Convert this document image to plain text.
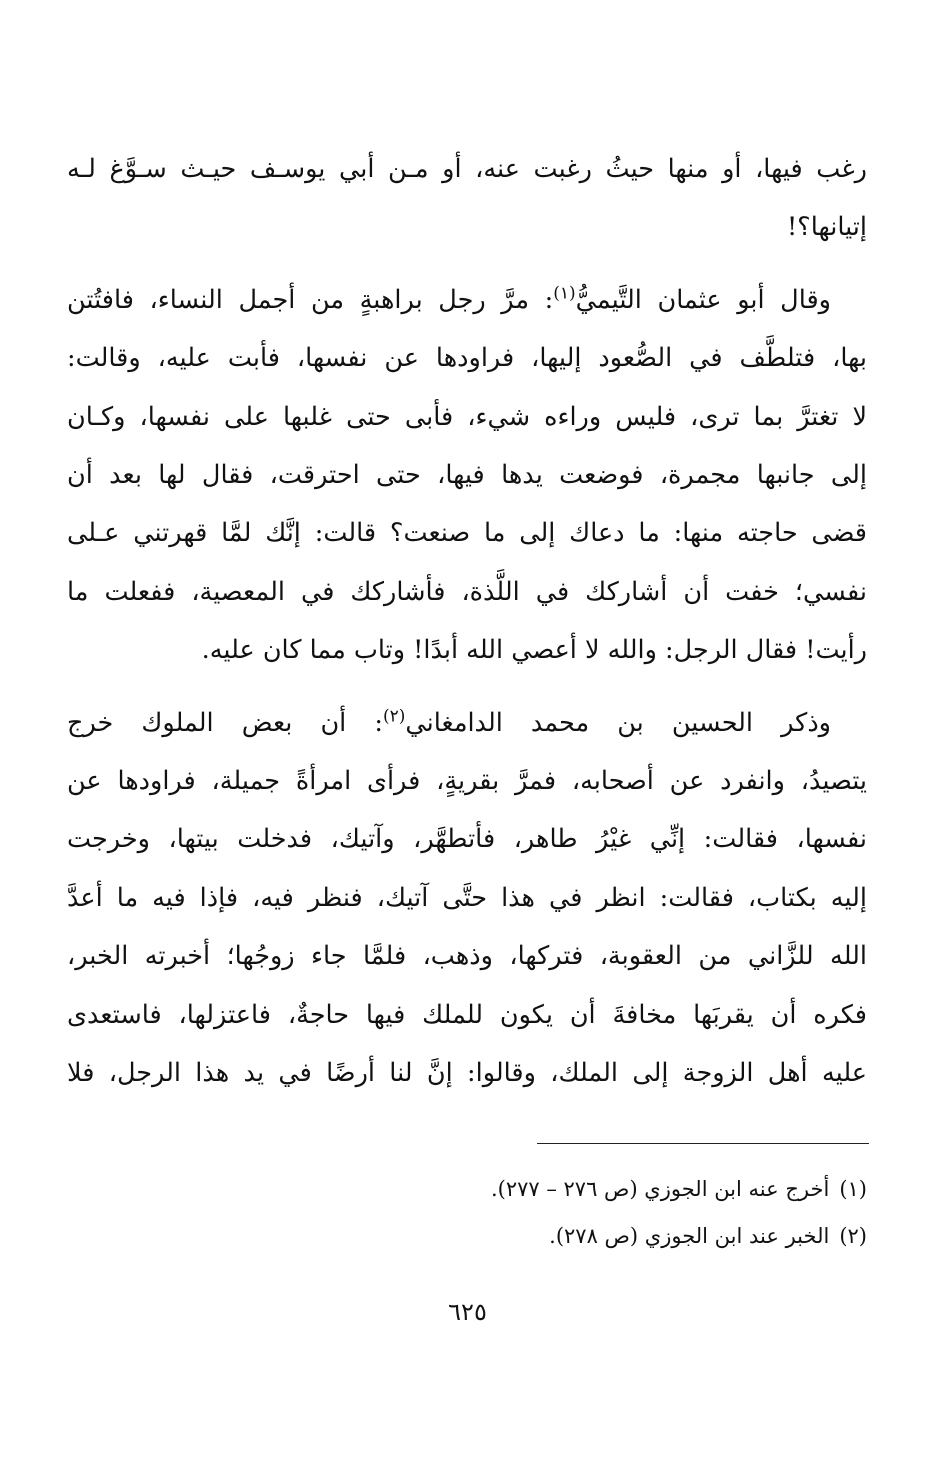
رغب فيها، أو منها حيثُ رغبت عنه، أو مـن أبي يوسـف حيـث سـوَّغ لـه
إتيانها؟!

وقال أبو عثمان التَّيميُّ$^{(١)}$: مرَّ رجل براهبةٍ من أجمل النساء، فافتُتن
بها، فتلطَّف في الصُّعود إليها، فراودها عن نفسها، فأبت عليه، وقالت:
لا تغترَّ بما ترى، فليس وراءه شيء، فأبى حتى غلبها على نفسها، وكـان
إلى جانبها مجمرة، فوضعت يدها فيها، حتى احترقت، فقال لها بعد أن
قضى حاجته منها: ما دعاك إلى ما صنعت؟ قالت: إنَّك لمَّا قهرتني عـلى
نفسي؛ خفت أن أشاركك في اللَّذة، فأشاركك في المعصية، ففعلت ما
رأيت! فقال الرجل: والله لا أعصي الله أبدًا! وتاب مما كان عليه.

وذكر الحسين بن محمد الدامغاني$^{(٢)}$: أن بعض الملوك خرج
يتصيدُ، وانفرد عن أصحابه، فمرَّ بقريةٍ، فرأى امرأةً جميلة، فراودها عن
نفسها، فقالت: إنِّي غيْرُ طاهر، فأتطهَّر، وآتيك، فدخلت بيتها، وخرجت
إليه بكتاب، فقالت: انظر في هذا حتَّى آتيك، فنظر فيه، فإذا فيه ما أعدَّ
الله للزَّاني من العقوبة، فتركها، وذهب، فلمَّا جاء زوجُها؛ أخبرته الخبر،
فكره أن يقربَها مخافةَ أن يكون للملك فيها حاجةٌ، فاعتزلها، فاستعدى
عليه أهل الزوجة إلى الملك، وقالوا: إنَّ لنا أرضًا في يد هذا الرجل، فلا

(١)أخرج عنه ابن الجوزي (ص ٢٧٦ – ٢٧٧).
(٢)الخبر عند ابن الجوزي (ص ٢٧٨).
٦٢٥
